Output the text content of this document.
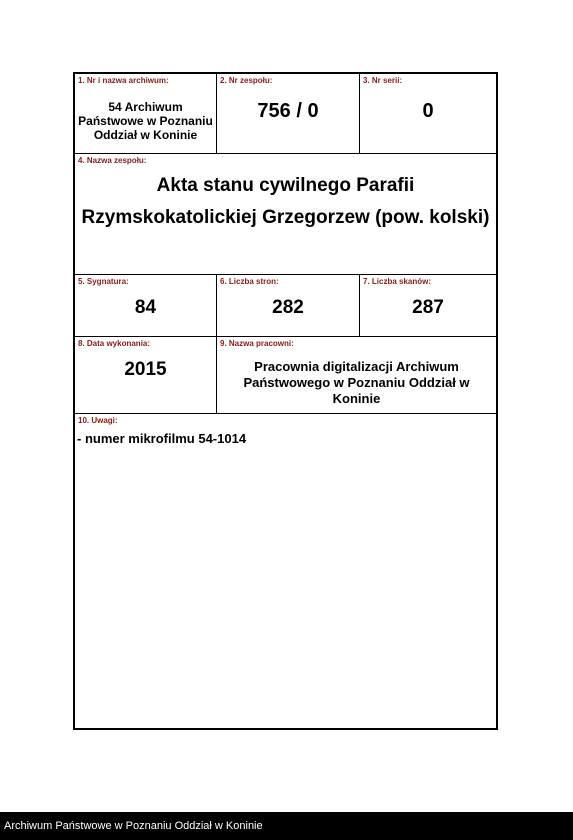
1. Nr i nazwa archiwum:
54 Archiwum
Państwowe w Poznaniu
Oddział w Koninie
2. Nr zespołu:
756 / 0
3. Nr serii:
0
4. Nazwa zespołu:
Akta stanu cywilnego Parafii
Rzymskokatolickiej Grzegorzew (pow. kolski)
5. Sygnatura:
84
6. Liczba stron:
282
7. Liczba skanów:
287
8. Data wykonania:
2015
9. Nazwa pracowni:
Pracownia digitalizacji Archiwum
Państwowego w Poznaniu Oddział w
Koninie
10. Uwagi:
- numer mikrofilmu 54-1014
Archiwum Państwowe w Poznaniu Oddział w Koninie
